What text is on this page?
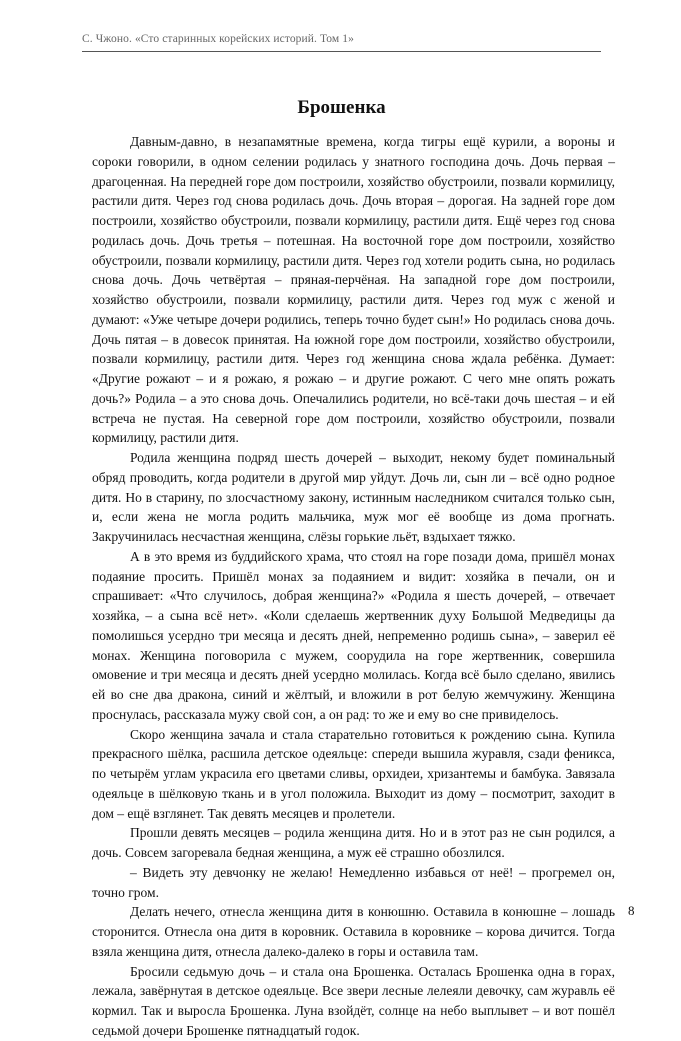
С. Чжоно. «Сто старинных корейских историй. Том 1»
Брошенка

Давным-давно, в незапамятные времена, когда тигры ещё курили, а вороны и сороки говорили, в одном селении родилась у знатного господина дочь. Дочь первая – драгоценная. На передней горе дом построили, хозяйство обустроили, позвали кормилицу, растили дитя. Через год снова родилась дочь. Дочь вторая – дорогая. На задней горе дом построили, хозяйство обустроили, позвали кормилицу, растили дитя. Ещё через год снова родилась дочь. Дочь третья – потешная. На восточной горе дом построили, хозяйство обустроили, позвали кормилицу, растили дитя. Через год хотели родить сына, но родилась снова дочь. Дочь четвёртая – пряная-перчёная. На западной горе дом построили, хозяйство обустроили, позвали кормилицу, растили дитя. Через год муж с женой и думают: «Уже четыре дочери родились, теперь точно будет сын!» Но родилась снова дочь. Дочь пятая – в довесок принятая. На южной горе дом построили, хозяйство обустроили, позвали кормилицу, растили дитя. Через год женщина снова ждала ребёнка. Думает: «Другие рожают – и я рожаю, я рожаю – и другие рожают. С чего мне опять рожать дочь?» Родила – а это снова дочь. Опечалились родители, но всё-таки дочь шестая – и ей встреча не пустая. На северной горе дом построили, хозяйство обустроили, позвали кормилицу, растили дитя.

Родила женщина подряд шесть дочерей – выходит, некому будет поминальный обряд проводить, когда родители в другой мир уйдут. Дочь ли, сын ли – всё одно родное дитя. Но в старину, по злосчастному закону, истинным наследником считался только сын, и, если жена не могла родить мальчика, муж мог её вообще из дома прогнать. Закручинилась несчастная женщина, слёзы горькие льёт, вздыхает тяжко.

А в это время из буддийского храма, что стоял на горе позади дома, пришёл монах подаяние просить. Пришёл монах за подаянием и видит: хозяйка в печали, он и спрашивает: «Что случилось, добрая женщина?» «Родила я шесть дочерей, – отвечает хозяйка, – а сына всё нет». «Коли сделаешь жертвенник духу Большой Медведицы да помолишься усердно три месяца и десять дней, непременно родишь сына», – заверил её монах. Женщина поговорила с мужем, соорудила на горе жертвенник, совершила омовение и три месяца и десять дней усердно молилась. Когда всё было сделано, явились ей во сне два дракона, синий и жёлтый, и вложили в рот белую жемчужину. Женщина проснулась, рассказала мужу свой сон, а он рад: то же и ему во сне привиделось.

Скоро женщина зачала и стала старательно готовиться к рождению сына. Купила прекрасного шёлка, расшила детское одеяльце: спереди вышила журавля, сзади феникса, по четырём углам украсила его цветами сливы, орхидеи, хризантемы и бамбука. Завязала одеяльце в шёлковую ткань и в угол положила. Выходит из дому – посмотрит, заходит в дом – ещё взглянет. Так девять месяцев и пролетели.

Прошли девять месяцев – родила женщина дитя. Но и в этот раз не сын родился, а дочь. Совсем загоревала бедная женщина, а муж её страшно обозлился.

– Видеть эту девчонку не желаю! Немедленно избавься от неё! – прогремел он, точно гром.

Делать нечего, отнесла женщина дитя в конюшню. Оставила в конюшне – лошадь сторонится. Отнесла она дитя в коровник. Оставила в коровнике – корова дичится. Тогда взяла женщина дитя, отнесла далеко-далеко в горы и оставила там.

Бросили седьмую дочь – и стала она Брошенка. Осталась Брошенка одна в горах, лежала, завёрнутая в детское одеяльце. Все звери лесные лелеяли девочку, сам журавль её кормил. Так и выросла Брошенка. Луна взойдёт, солнце на небо выплывет – и вот пошёл седьмой дочери Брошенке пятнадцатый годок.

8
